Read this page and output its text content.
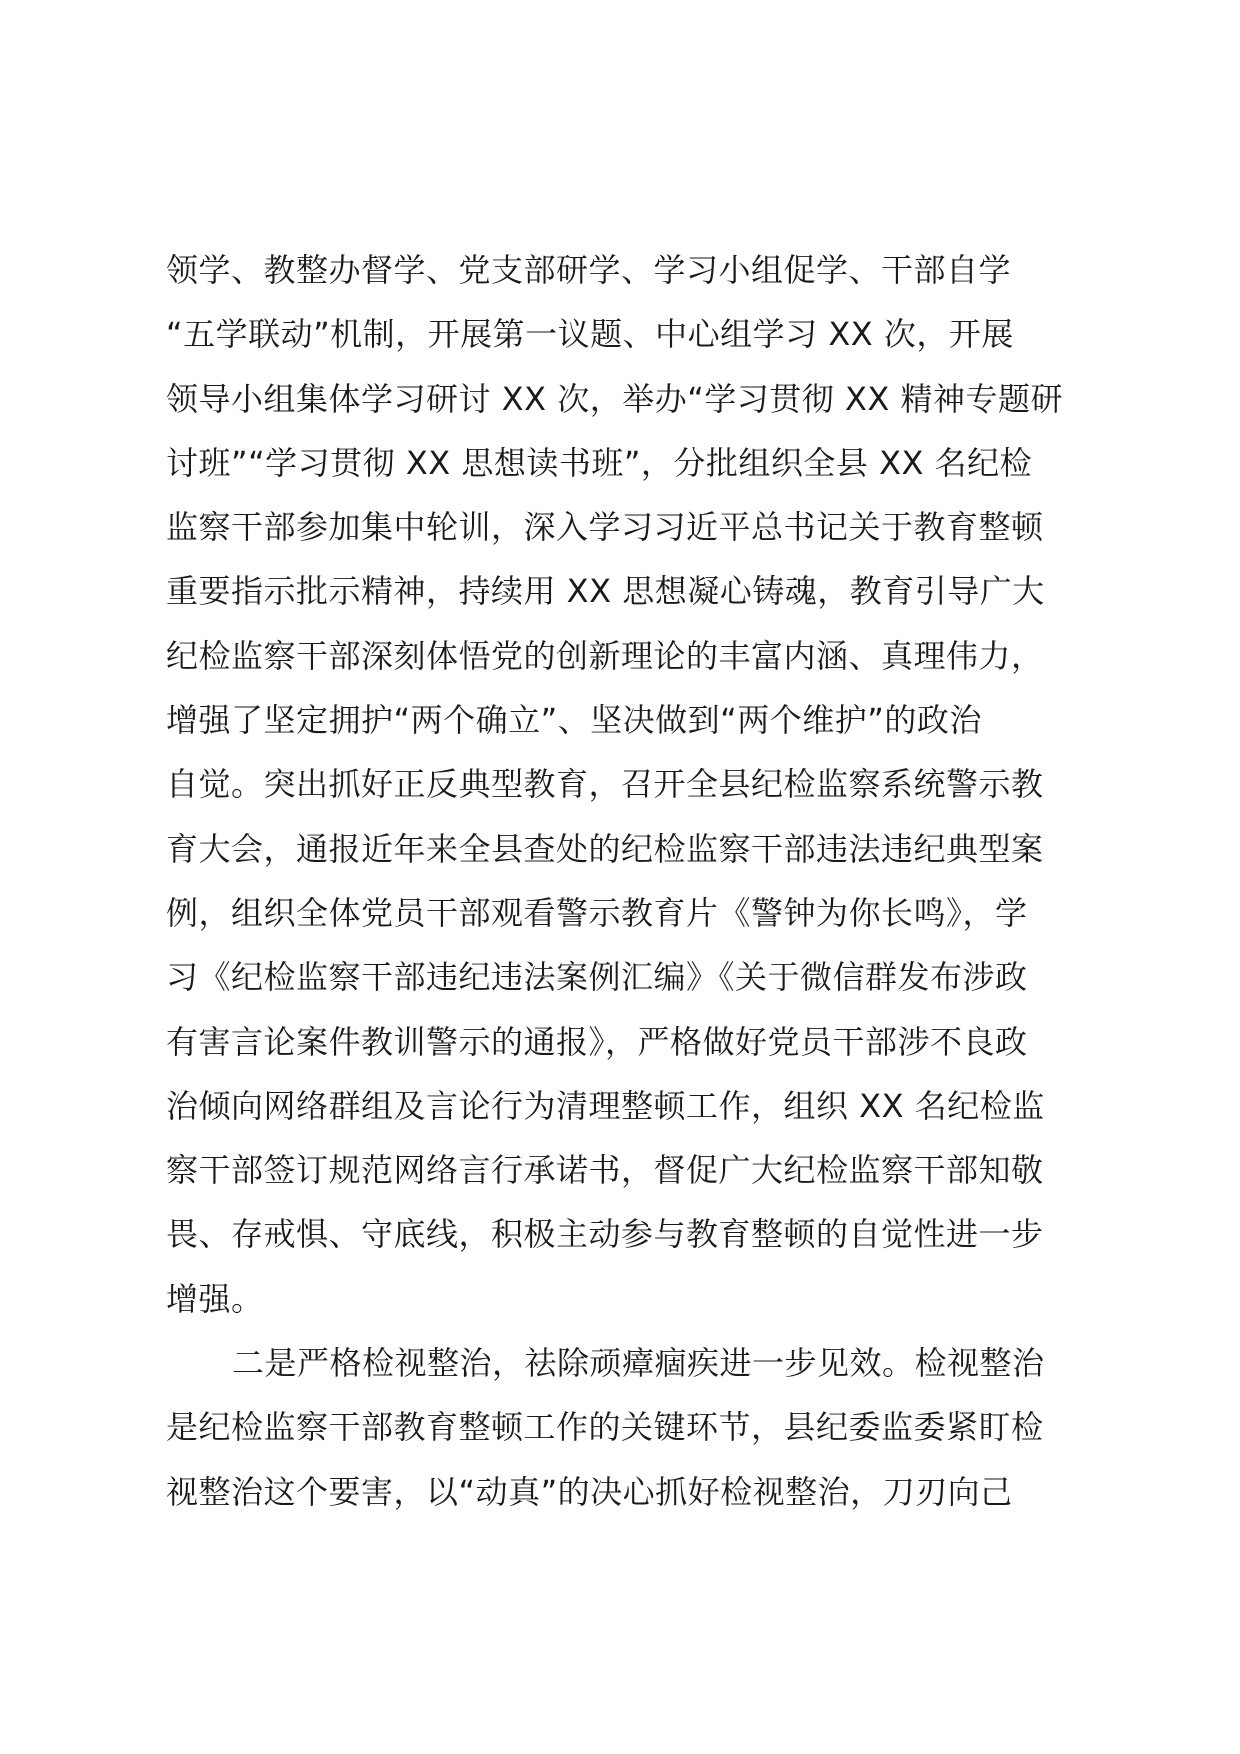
领学、教整办督学、党支部研学、学习小组促学、干部自学
“五学联动”机制，开展第一议题、中心组学习 XX 次，开展
领导小组集体学习研讨 XX 次，举办“学习贯彻 XX 精神专题研
讨班”“学习贯彻 XX 思想读书班”，分批组织全县 XX 名纪检
监察干部参加集中轮训，深入学习习近平总书记关于教育整顿
重要指示批示精神，持续用 XX 思想凝心铸魂，教育引导广大
纪检监察干部深刻体悟党的创新理论的丰富内涵、真理伟力，
增强了坚定拥护“两个确立”、坚决做到“两个维护”的政治
自觉。突出抓好正反典型教育，召开全县纪检监察系统警示教
育大会，通报近年来全县查处的纪检监察干部违法违纪典型案
例，组织全体党员干部观看警示教育片《警钟为你长鸣》，学
习《纪检监察干部违纪违法案例汇编》《关于微信群发布涉政
有害言论案件教训警示的通报》，严格做好党员干部涉不良政
治倾向网络群组及言论行为清理整顿工作，组织 XX 名纪检监
察干部签订规范网络言行承诺书，督促广大纪检监察干部知敬
畏、存戒惧、守底线，积极主动参与教育整顿的自觉性进一步
增强。
二是严格检视整治，祛除顽瘴痼疾进一步见效。检视整治
是纪检监察干部教育整顿工作的关键环节，县纪委监委紧盯检
视整治这个要害，以“动真”的决心抓好检视整治，刀刃向己
